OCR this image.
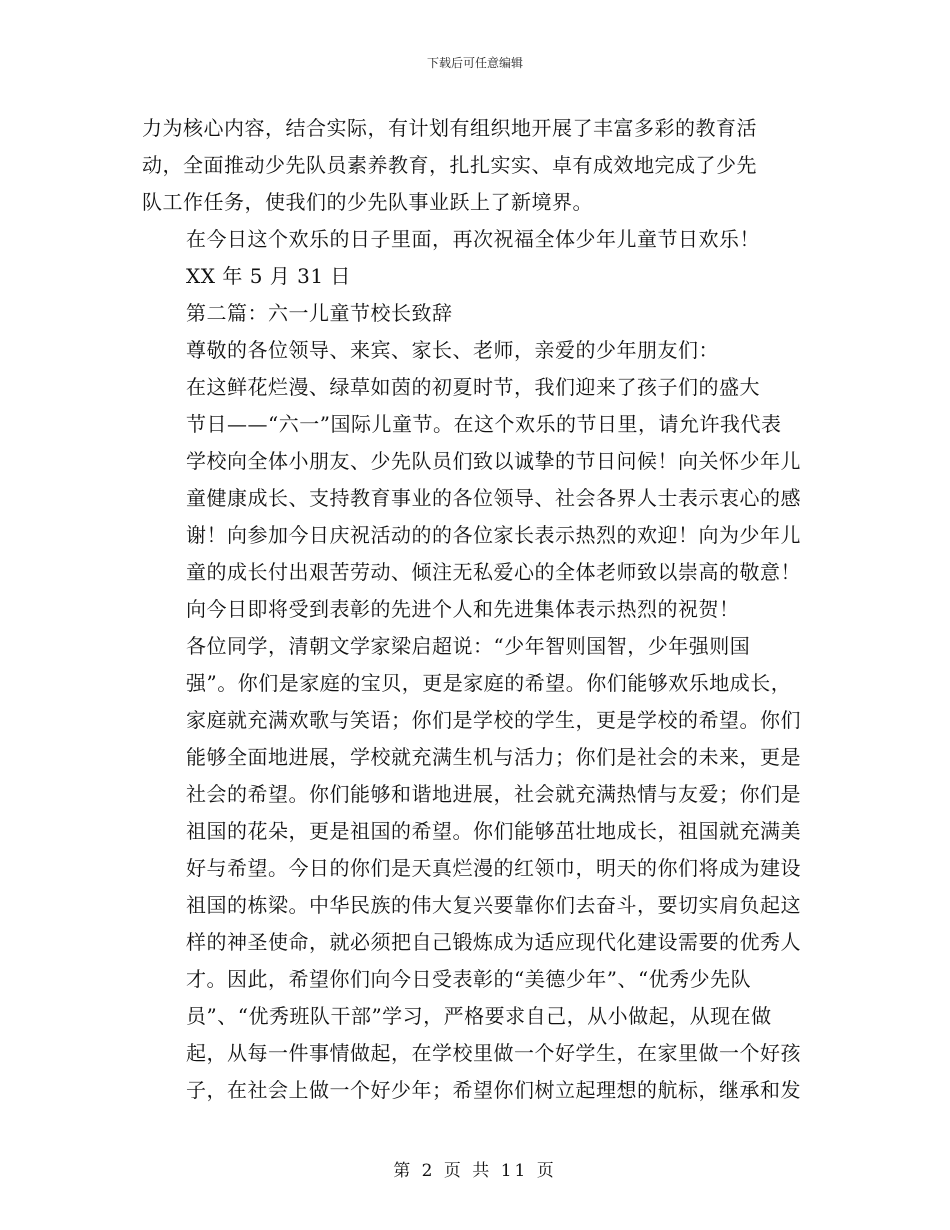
下载后可任意编辑

力为核心内容，结合实际，有计划有组织地开展了丰富多彩的教育活
动，全面推动少先队员素养教育，扎扎实实、卓有成效地完成了少先
队工作任务，使我们的少先队事业跃上了新境界。

在今日这个欢乐的日子里面，再次祝福全体少年儿童节日欢乐！

XX 年 5 月 31 日

第二篇：六一儿童节校长致辞

尊敬的各位领导、来宾、家长、老师，亲爱的少年朋友们：

在这鲜花烂漫、绿草如茵的初夏时节，我们迎来了孩子们的盛大
节日——“六一”国际儿童节。在这个欢乐的节日里，请允许我代表
学校向全体小朋友、少先队员们致以诚挚的节日问候！向关怀少年儿
童健康成长、支持教育事业的各位领导、社会各界人士表示衷心的感
谢！向参加今日庆祝活动的的各位家长表示热烈的欢迎！向为少年儿
童的成长付出艰苦劳动、倾注无私爱心的全体老师致以崇高的敬意！
向今日即将受到表彰的先进个人和先进集体表示热烈的祝贺！

各位同学，清朝文学家梁启超说：“少年智则国智，少年强则国
强”。你们是家庭的宝贝，更是家庭的希望。你们能够欢乐地成长，
家庭就充满欢歌与笑语；你们是学校的学生，更是学校的希望。你们
能够全面地进展，学校就充满生机与活力；你们是社会的未来，更是
社会的希望。你们能够和谐地进展，社会就充满热情与友爱；你们是
祖国的花朵，更是祖国的希望。你们能够茁壮地成长，祖国就充满美
好与希望。今日的你们是天真烂漫的红领巾，明天的你们将成为建设
祖国的栋梁。中华民族的伟大复兴要靠你们去奋斗，要切实肩负起这
样的神圣使命，就必须把自己锻炼成为适应现代化建设需要的优秀人
才。因此，希望你们向今日受表彰的“美德少年”、“优秀少先队
员”、“优秀班队干部”学习，严格要求自己，从小做起，从现在做
起，从每一件事情做起，在学校里做一个好学生，在家里做一个好孩
子，在社会上做一个好少年；希望你们树立起理想的航标，继承和发

第 2 页 共 11 页
